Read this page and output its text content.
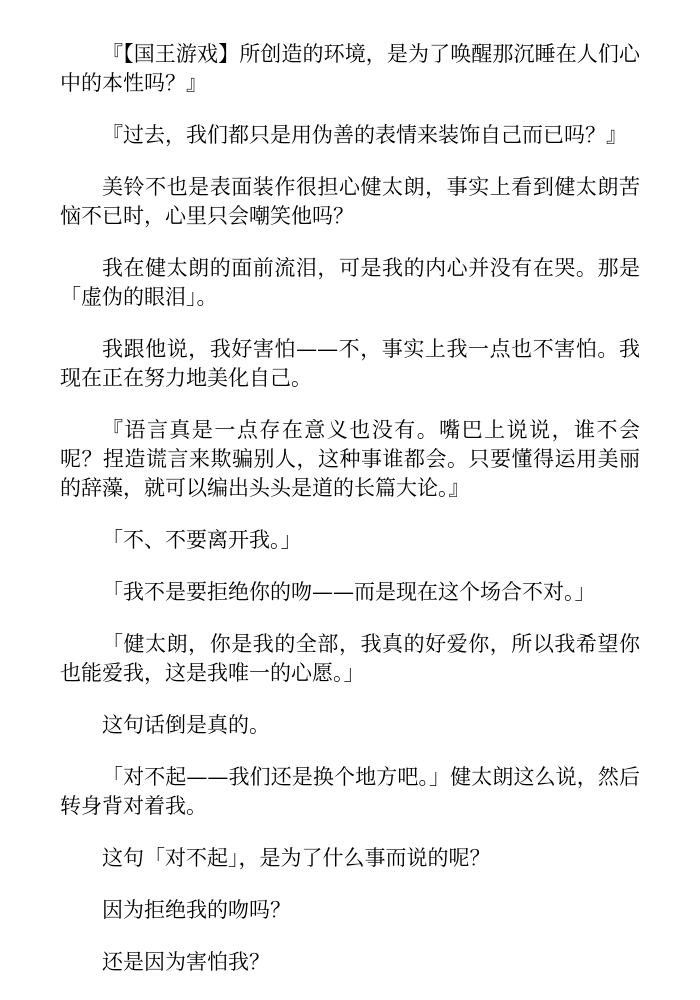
『【国王游戏】所创造的环境，是为了唤醒那沉睡在人们心中的本性吗？』

『过去，我们都只是用伪善的表情来装饰自己而已吗？』

美铃不也是表面装作很担心健太朗，事实上看到健太朗苦恼不已时，心里只会嘲笑他吗？

我在健太朗的面前流泪，可是我的内心并没有在哭。那是「虚伪的眼泪」。

我跟他说，我好害怕——不，事实上我一点也不害怕。我现在正在努力地美化自己。

『语言真是一点存在意义也没有。嘴巴上说说，谁不会呢？捏造谎言来欺骗别人，这种事谁都会。只要懂得运用美丽的辞藻，就可以编出头头是道的长篇大论。』

「不、不要离开我。」

「我不是要拒绝你的吻——而是现在这个场合不对。」

「健太朗，你是我的全部，我真的好爱你，所以我希望你也能爱我，这是我唯一的心愿。」

这句话倒是真的。

「对不起——我们还是换个地方吧。」健太朗这么说，然后转身背对着我。

这句「对不起」，是为了什么事而说的呢？

因为拒绝我的吻吗？

还是因为害怕我？
